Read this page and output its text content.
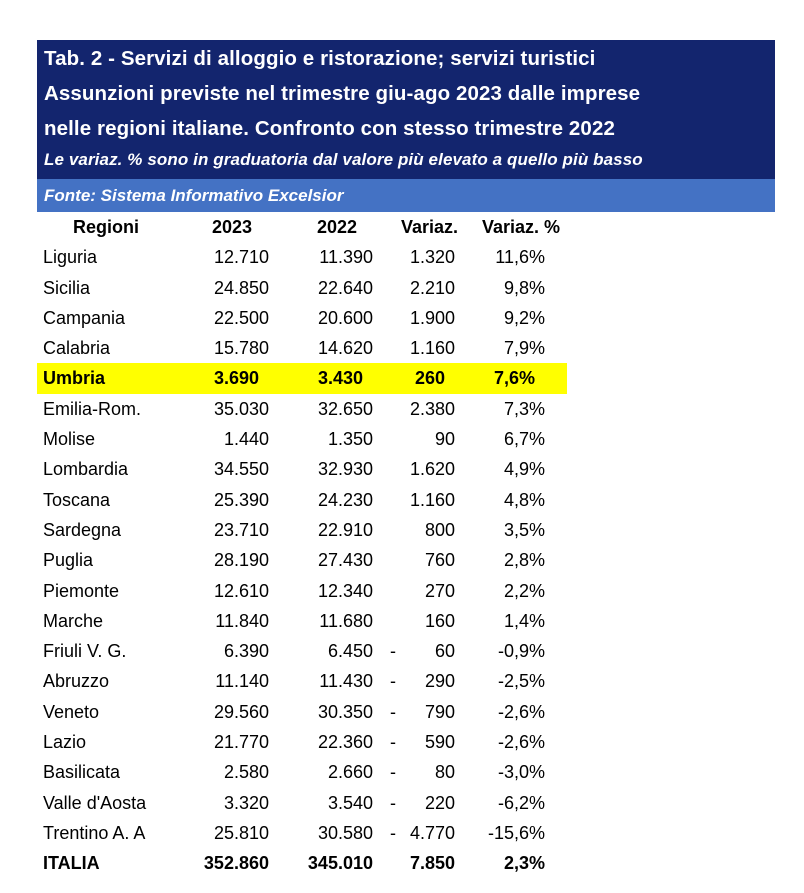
Tab. 2 - Servizi di alloggio e ristorazione; servizi turistici
Assunzioni previste nel trimestre giu-ago 2023 dalle imprese
nelle regioni italiane. Confronto con stesso trimestre 2022
Le variaz. % sono in graduatoria dal valore più elevato a quello più basso
Fonte: Sistema Informativo Excelsior
Regioni	2023	2022 Variaz. Variaz. %
Liguria	12.710	11.390 1.320 11,6%
Sicilia	24.850	22.640 2.210	9,8%
Campania	22.500	20.600 1.900	9,2%
Calabria	15.780	14.620 1.160	7,9%
Umbria	3.690	3.430	260	7,6%
Emilia-Rom.	35.030	32.650 2.380	7,3%
Molise	1.440	1.350	90	6,7%
Lombardia	34.550	32.930 1.620	4,9%
Toscana	25.390	24.230 1.160	4,8%
Sardegna	23.710	22.910	800	3,5%
Puglia	28.190	27.430	760	2,8%
Piemonte	12.610	12.340	270	2,2%
Marche	11.840	11.680	160	1,4%
Friuli V. G.	6.390	6.450 - 60 -0,9%
Abruzzo	11.140	11.430 - 290 -2,5%
Veneto	29.560	30.350 - 790 -2,6%
Lazio	21.770	22.360 - 590 -2,6%
Basilicata	2.580	2.660 - 80 -3,0%
Valle d'Aosta	3.320	3.540 - 220 -6,2%
Trentino A. A	25.810	30.580 - 4.770 -15,6%
ITALIA	352.860 345.010 7.850	2,3%
